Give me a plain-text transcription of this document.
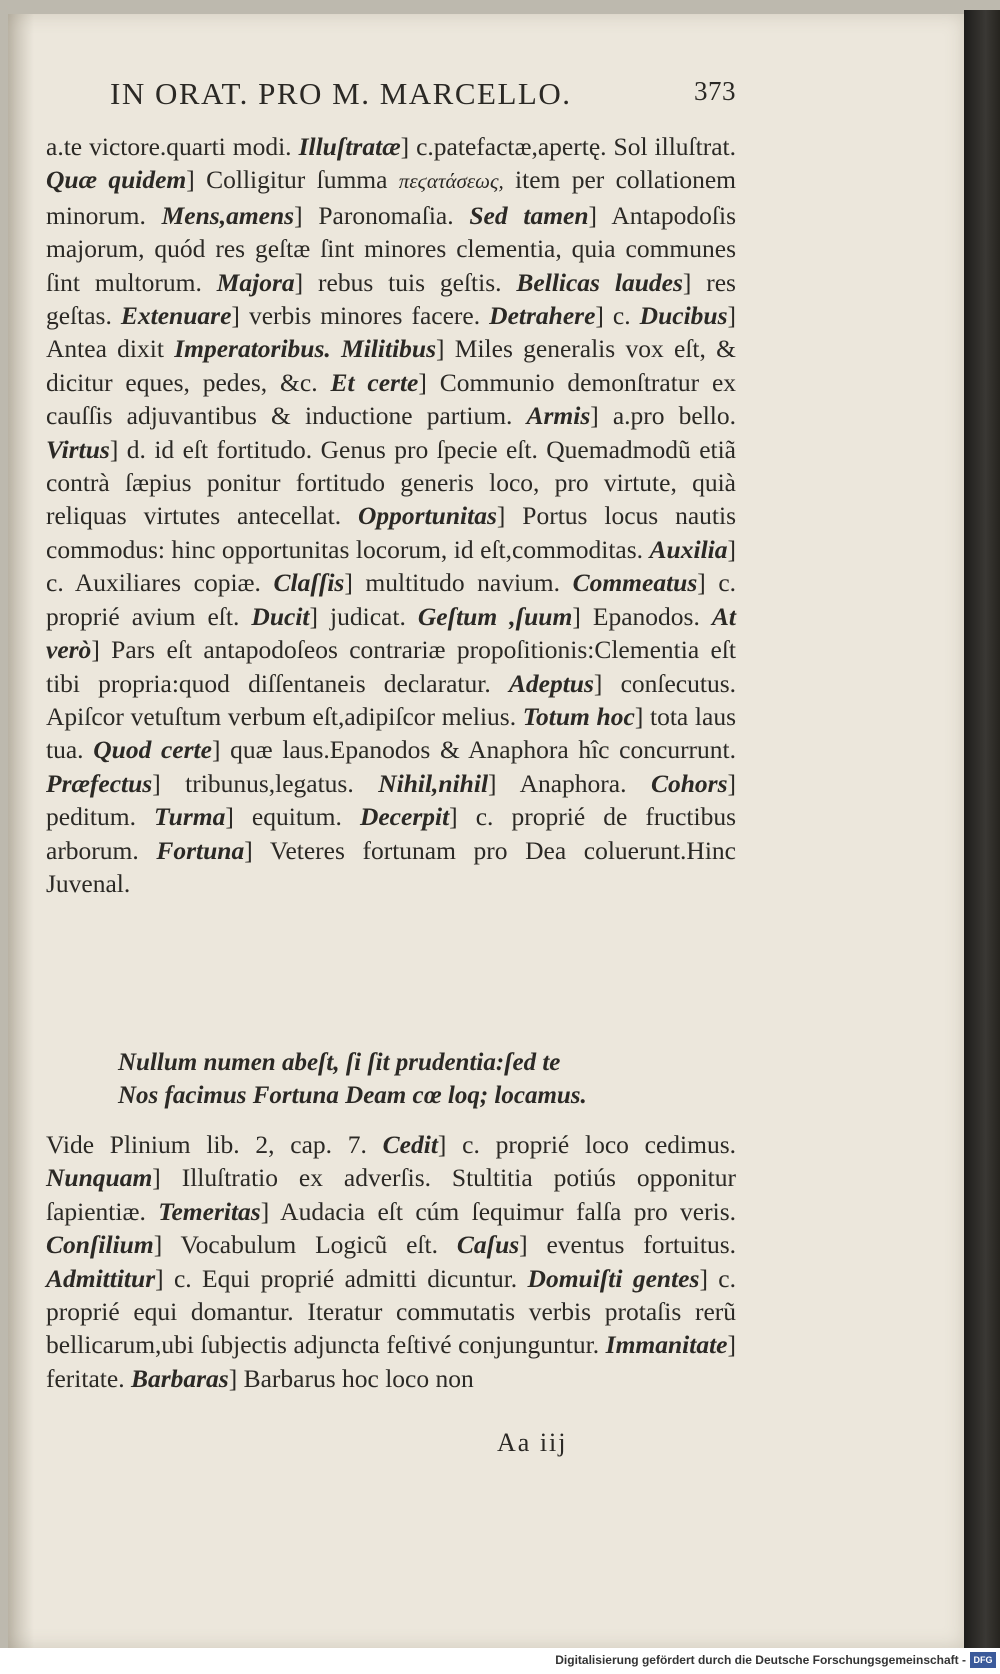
IN ORAT. PRO M. MARCELLO.	373
a.te victore.quarti modi. Illuſtratæ] c.patefactæ,apertę. Sol illuſtrat. Quæ quidem] Colligitur ſumma πεϛατάσεως, item per collationem minorum. Mens,amens] Paronomaſia. Sed tamen] Antapodoſis majorum, quód res geſtæ ſint minores clementia, quia communes ſint multorum. Majora] rebus tuis geſtis. Bellicas laudes] res geſtas. Extenuare] verbis minores facere. Detrahere] c. Ducibus] Antea dixit Imperatoribus. Militibus] Miles generalis vox eſt, & dicitur eques, pedes, &c. Et certe] Communio demonſtratur ex cauſſis adjuvantibus & inductione partium. Armis] a.pro bello. Virtus] d. id eſt fortitudo. Genus pro ſpecie eſt. Quemadmodũ etiã contrà ſæpius ponitur fortitudo generis loco, pro virtute, quià reliquas virtutes antecellat. Opportunitas] Portus locus nautis commodus: hinc opportunitas locorum, id eſt,commoditas. Auxilia] c. Auxiliares copiæ. Claſſis] multitudo navium. Commeatus] c. proprié avium eſt. Ducit] judicat. Geſtum ,ſuum] Epanodos. At verò] Pars eſt antapodoſeos contrariæ propoſitionis:Clementia eſt tibi propria:quod diſſentaneis declaratur. Adeptus] conſecutus. Apiſcor vetuſtum verbum eſt,adipiſcor melius. Totum hoc] tota laus tua. Quod certe] quæ laus.Epanodos & Anaphora hîc concurrunt. Præfectus] tribunus,legatus. Nihil,nihil] Anaphora. Cohors] peditum. Turma] equitum. Decerpit] c. proprié de fructibus arborum. Fortuna] Veteres fortunam pro Dea coluerunt.Hinc Juvenal.
Nullum numen abeſt, ſi ſit prudentia:ſed te
Nos facimus Fortuna Deam cœ loq; locamus.
Vide Plinium lib. 2, cap. 7. Cedit] c. proprié loco cedimus. Nunquam] Illuſtratio ex adverſis. Stultitia potiús opponitur ſapientiæ. Temeritas] Audacia eſt cúm ſequimur falſa pro veris. Conſilium] Vocabulum Logicũ eſt. Caſus] eventus fortuitus. Admittitur] c. Equi proprié admitti dicuntur. Domuiſti gentes] c. proprié equi domantur. Iteratur commutatis verbis protaſis rerũ bellicarum,ubi ſubjectis adjuncta feſtivé conjunguntur. Immanitate] feritate. Barbaras] Barbarus hoc loco non
Aa iij
Digitalisierung gefördert durch die Deutsche Forschungsgemeinschaft - DFG
